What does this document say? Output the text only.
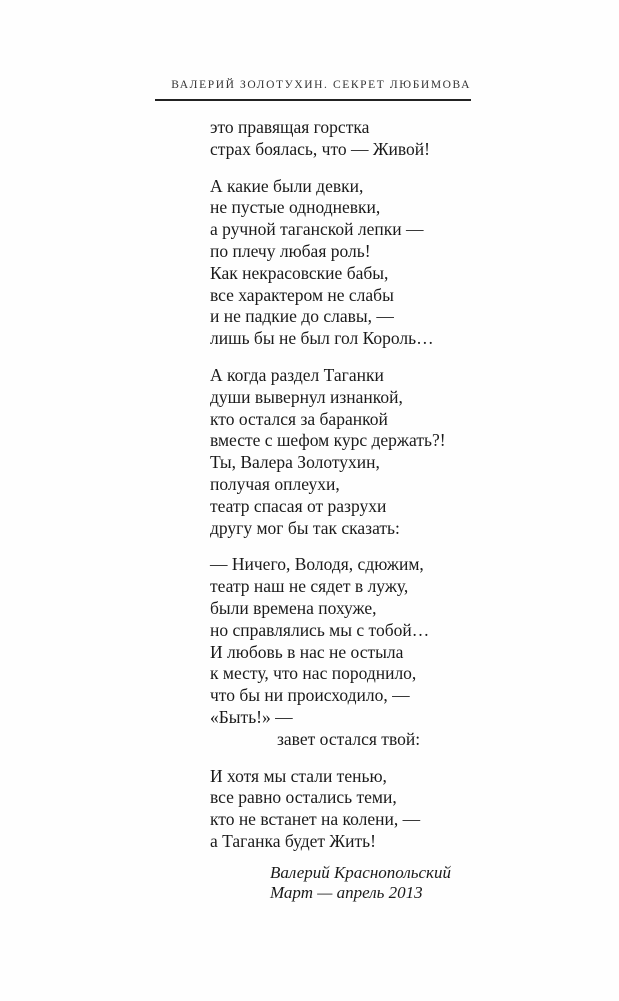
ВАЛЕРИЙ ЗОЛОТУХИН. СЕКРЕТ ЛЮБИМОВА
это правящая горстка
страх боялась, что — Живой!
А какие были девки,
не пустые однодневки,
а ручной таганской лепки —
по плечу любая роль!
Как некрасовские бабы,
все характером не слабы
и не падкие до славы, —
лишь бы не был гол Король…
А когда раздел Таганки
души вывернул изнанкой,
кто остался за баранкой
вместе с шефом курс держать?!
Ты, Валера Золотухин,
получая оплеухи,
театр спасая от разрухи
другу мог бы так сказать:
— Ничего, Володя, сдюжим,
театр наш не сядет в лужу,
были времена похуже,
но справлялись мы с тобой…
И любовь в нас не остыла
к месту, что нас породнило,
что бы ни происходило, —
«Быть!» —
завет остался твой:
И хотя мы стали тенью,
все равно остались теми,
кто не встанет на колени, —
а Таганка будет Жить!
Валерий Краснопольский
Март — апрель 2013
